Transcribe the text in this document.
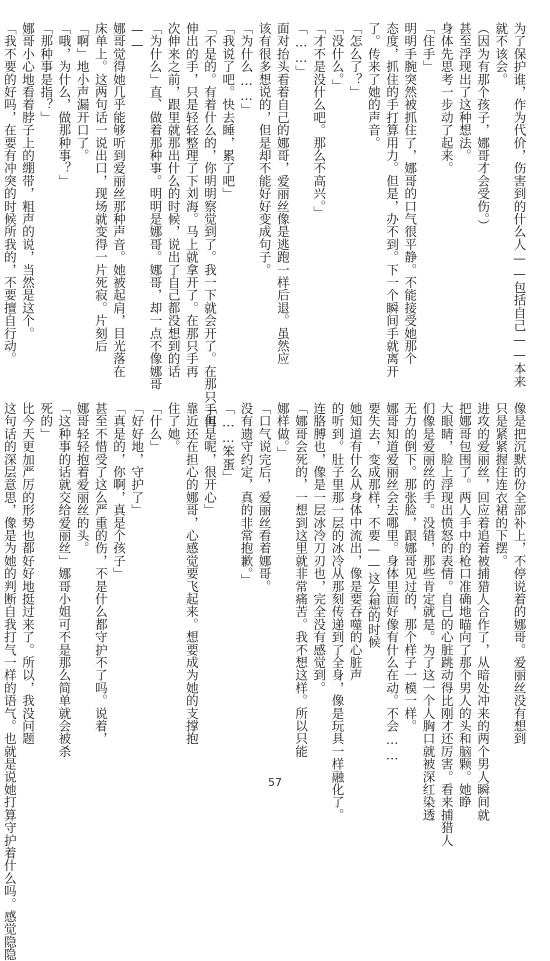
为了保护谁，作为代价，伤害到的什么人——包括自己——本来

就不该会。

（因为有那个孩子，娜哥才会受伤。）

甚至浮现出了这种想法。

身体先思考一步动了起来。

「住手」

明明手腕突然被抓住了，娜哥的口气很平静。不能接受她那个

态度，抓住的手打算用力。但是，办不到。下一个瞬间手就离开

了。传来了她的声音。

「怎么了？」

「没什么。」

「才不是没什么吧。那么不高兴。」

「……」

面对抬头看着自己的娜哥，爱丽丝像是逃跑一样后退。虽然应

该有很多想说的，但是却不能好好变成句子。

「为什么……」

「我说了吧。快去睡，累了吧」

「不是的。有着什么的，你明明察觉到了。我一下就会开了。在那只手再

伸出的手，只是轻轻整理了下刘海。马上就拿开了。在那只手再

次伸来之前，跟里就那出什么的时候，说出了自己都没想到的话

「为什么」直、做着那种事。明明是娜哥。娜哥，却一点不像娜哥

——

娜哥觉得她几乎能够听到爱丽丝那种声音。她被起肩，目光落在

床单上。这两句话一说出口，现场就变得一片死寂。片刻后

「啊」地小声漏开口了。

「哦，为什么，做那种事？」

「那种事是指？」

娜哥小心地看着脖子上的绷带，粗声的说，当然是这个。

「我不要的好吗，在要有冲突的时候所我的，不要擅自行动。

像是把沉默的份全部补上，不停说着的娜哥。爱丽丝没有想到

只是紧紧握住连衣裙的下摆。

进攻的爱丽丝，回应着追着被捕猎人合作了，从暗处冲来的两个男人瞬间就

把娜哥包围了。两人手中的枪口准确地瞄向了那个男人的头和脑颗。她睁

大眼睛，脸上浮现出愤怒的表情。自己的心脏跳动得比刚才还厉害。看来捕猎人

们像是爱丽丝的手。没错，那些肯定就是。为了这一个人胸口就被深红染透

无力的倒下。那张脸，跟娜哥见过的，那个样子一模一样。

娜哥知道爱丽丝会去哪里。身体里面好像有什么在动。不会……

要失去，变成那样，不要——这么想的时候

她知道有什么从身体中流出，像是要吞噬的心脏声

的听到。肚子里那一层的冰冷从那刻传递到了全身，像是玩具一样融化了。

连胳膊也，像是一层冰冷刀刃也，完全没有感觉到。

「娜哥会死的，一想到这里就非常痛苦。我不想这样。所以只能

娜样做。」

「口气说完后，爱丽丝看着娜哥。

没有遗守约定，真的非常抱歉。」

「……笨蛋」

「但是呢，很开心」

靠近还在担心的娜哥，心感觉要飞起来。想要成为她的支撑抱

住了她。

「什么」

「好好地，守护了」

「真是的，你啊，真是个孩子」

甚至不惜受了这么严重的伤，不是什么都守护不了吗。说着，

娜哥轻轻抱着爱丽丝的头。

「这种事的话就交给爱丽丝」娜哥小姐可不是那么简单就会被杀

死的」

比今天更加严厉的形势也都好好地挺过来了。所以，我没问题

这句话的深层意思，像是为她的判断自我打气一样的语气。也就是说她打算守护着什么吗。感觉隐隐	57
